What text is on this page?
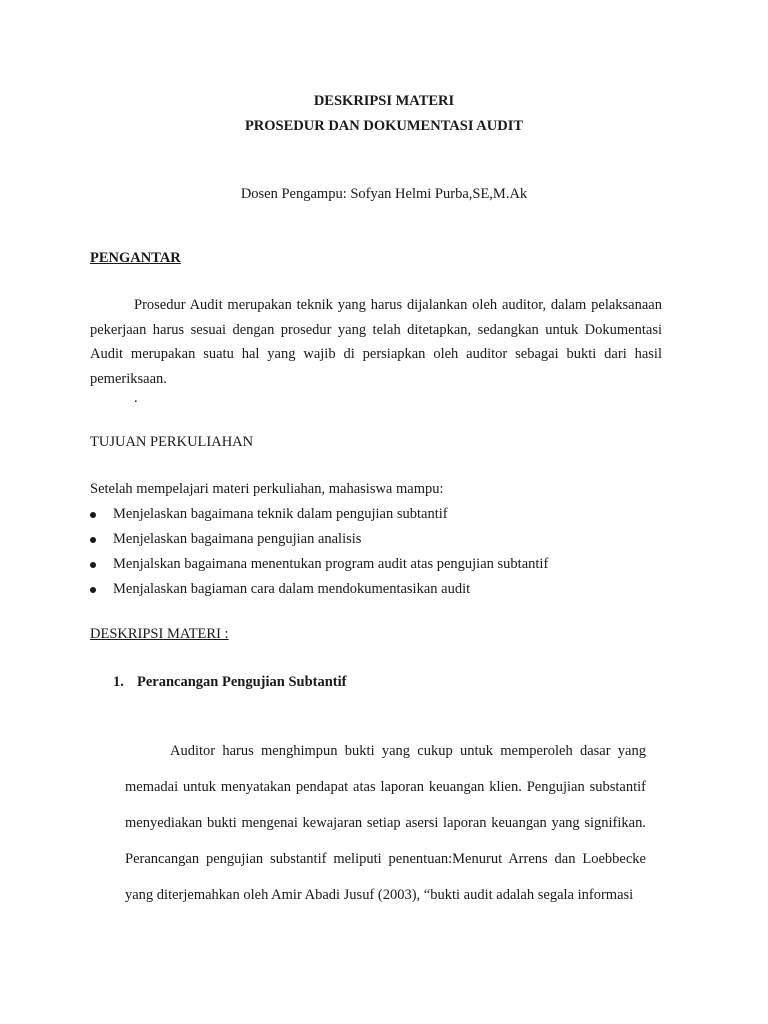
DESKRIPSI MATERI
PROSEDUR DAN DOKUMENTASI AUDIT
Dosen Pengampu: Sofyan Helmi Purba,SE,M.Ak
PENGANTAR
Prosedur Audit merupakan teknik yang harus dijalankan oleh auditor, dalam pelaksanaan pekerjaan harus sesuai dengan prosedur yang telah ditetapkan, sedangkan untuk Dokumentasi Audit merupakan suatu hal yang wajib di persiapkan oleh auditor sebagai bukti dari hasil pemeriksaan.
.
TUJUAN PERKULIAHAN
Setelah mempelajari materi perkuliahan, mahasiswa mampu:
Menjelaskan bagaimana teknik dalam pengujian subtantif
Menjelaskan bagaimana pengujian analisis
Menjalskan bagaimana menentukan program audit atas pengujian subtantif
Menjalaskan bagiaman cara dalam mendokumentasikan audit
DESKRIPSI MATERI :
1. Perancangan Pengujian Subtantif
Auditor harus menghimpun bukti yang cukup untuk memperoleh dasar yang memadai untuk menyatakan pendapat atas laporan keuangan klien. Pengujian substantif menyediakan bukti mengenai kewajaran setiap asersi laporan keuangan yang signifikan. Perancangan pengujian substantif meliputi penentuan:Menurut Arrens dan Loebbecke yang diterjemahkan oleh Amir Abadi Jusuf (2003), “bukti audit adalah segala informasi
